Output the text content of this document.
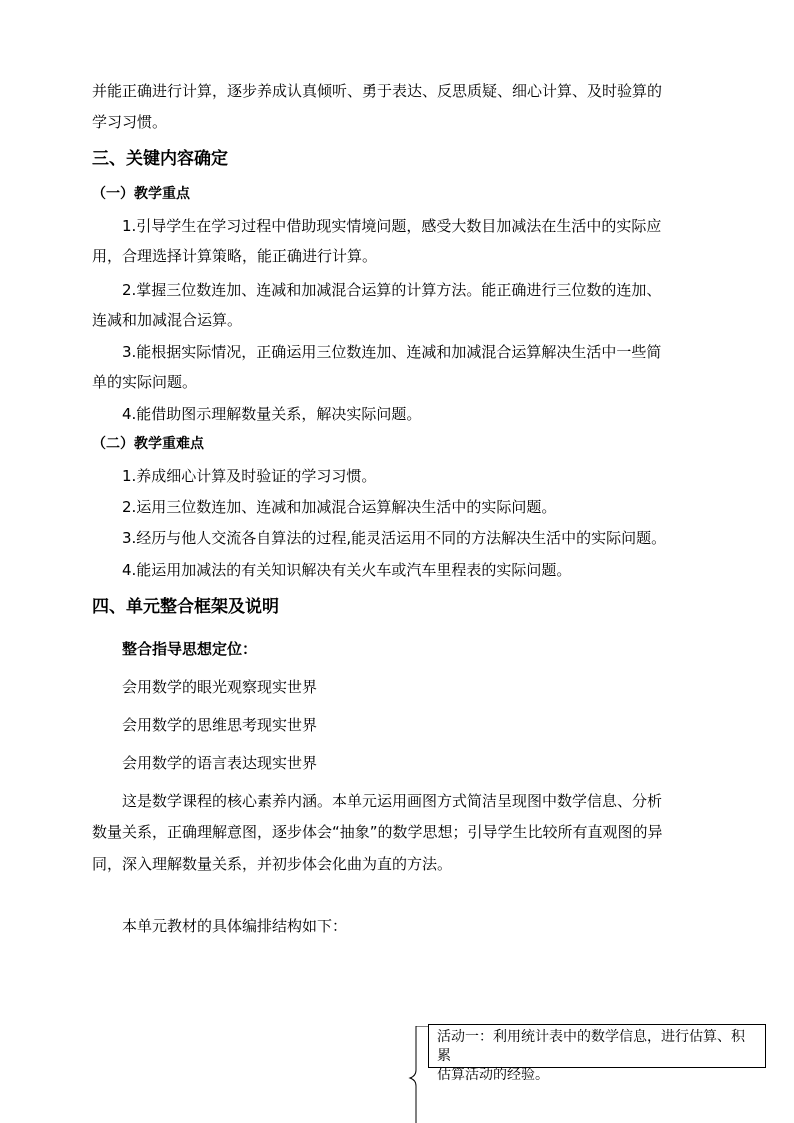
并能正确进行计算，逐步养成认真倾听、勇于表达、反思质疑、细心计算、及时验算的
学习习惯。
三、关键内容确定
（一）教学重点
1.引导学生在学习过程中借助现实情境问题，感受大数目加减法在生活中的实际应
用，合理选择计算策略，能正确进行计算。
2.掌握三位数连加、连减和加减混合运算的计算方法。能正确进行三位数的连加、
连减和加减混合运算。
3.能根据实际情况，正确运用三位数连加、连减和加减混合运算解决生活中一些简
单的实际问题。
4.能借助图示理解数量关系，解决实际问题。
（二）教学重难点
1.养成细心计算及时验证的学习习惯。
2.运用三位数连加、连减和加减混合运算解决生活中的实际问题。
3.经历与他人交流各自算法的过程,能灵活运用不同的方法解决生活中的实际问题。
4.能运用加减法的有关知识解决有关火车或汽车里程表的实际问题。
四、单元整合框架及说明
整合指导思想定位：
会用数学的眼光观察现实世界
会用数学的思维思考现实世界
会用数学的语言表达现实世界
这是数学课程的核心素养内涵。本单元运用画图方式简洁呈现图中数学信息、分析
数量关系，正确理解意图，逐步体会“抽象”的数学思想；引导学生比较所有直观图的异
同，深入理解数量关系，并初步体会化曲为直的方法。
本单元教材的具体编排结构如下：
活动一：利用统计表中的数学信息，进行估算、积累
估算活动的经验。
